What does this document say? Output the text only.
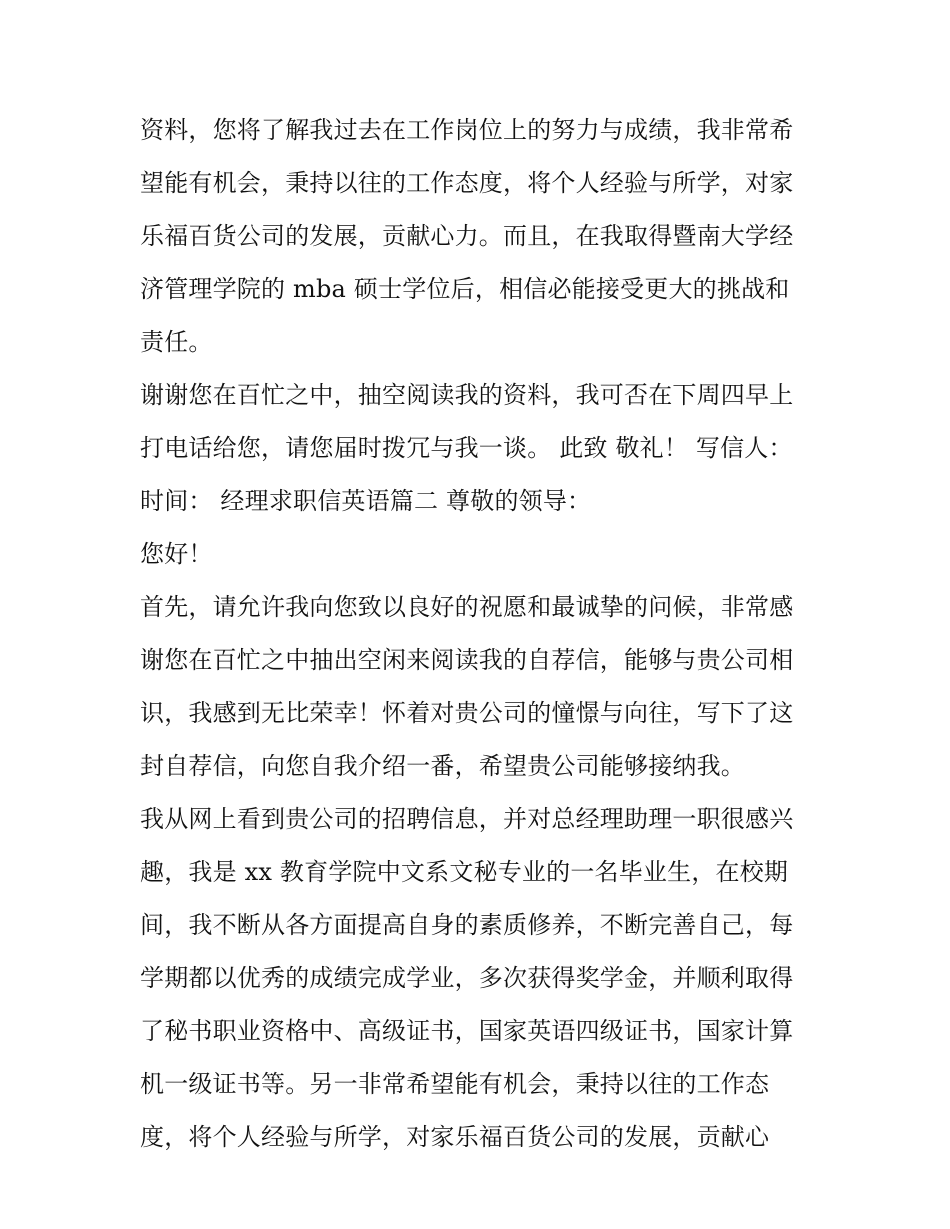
资料，您将了解我过去在工作岗位上的努力与成绩，我非常希
望能有机会，秉持以往的工作态度，将个人经验与所学，对家
乐福百货公司的发展，贡献心力。而且，在我取得暨南大学经
济管理学院的 mba 硕士学位后，相信必能接受更大的挑战和
责任。
谢谢您在百忙之中，抽空阅读我的资料，我可否在下周四早上
打电话给您，请您届时拨冗与我一谈。 此致 敬礼！ 写信人：
时间： 经理求职信英语篇二 尊敬的领导：
您好！
首先，请允许我向您致以良好的祝愿和最诚挚的问候，非常感
谢您在百忙之中抽出空闲来阅读我的自荐信，能够与贵公司相
识，我感到无比荣幸！怀着对贵公司的憧憬与向往，写下了这
封自荐信，向您自我介绍一番，希望贵公司能够接纳我。
我从网上看到贵公司的招聘信息，并对总经理助理一职很感兴
趣，我是 xx 教育学院中文系文秘专业的一名毕业生，在校期
间，我不断从各方面提高自身的素质修养，不断完善自己，每
学期都以优秀的成绩完成学业，多次获得奖学金，并顺利取得
了秘书职业资格中、高级证书，国家英语四级证书，国家计算
机一级证书等。另一非常希望能有机会，秉持以往的工作态
度，将个人经验与所学，对家乐福百货公司的发展，贡献心
